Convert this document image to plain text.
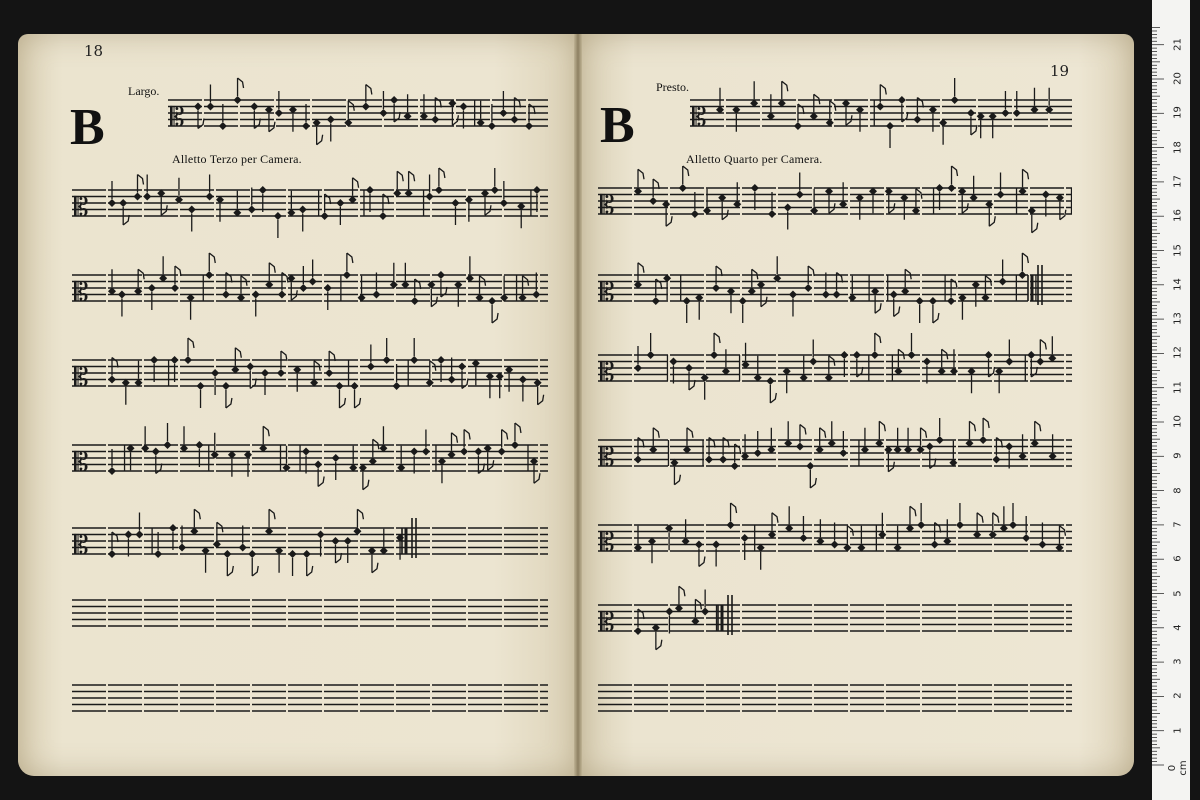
18
B
Largo.
Alletto Terzo per Camera.
19
B
Presto.
Alletto Quarto per Camera.
𝄡
𝄡
𝄡
𝄡
𝄡
𝄡
𝄡
𝄡
𝄡
𝄡
𝄡
𝄡
𝄡
0 cm
1
2
3
4
5
6
7
8
9
10
11
12
13
14
15
16
17
18
19
20
21
